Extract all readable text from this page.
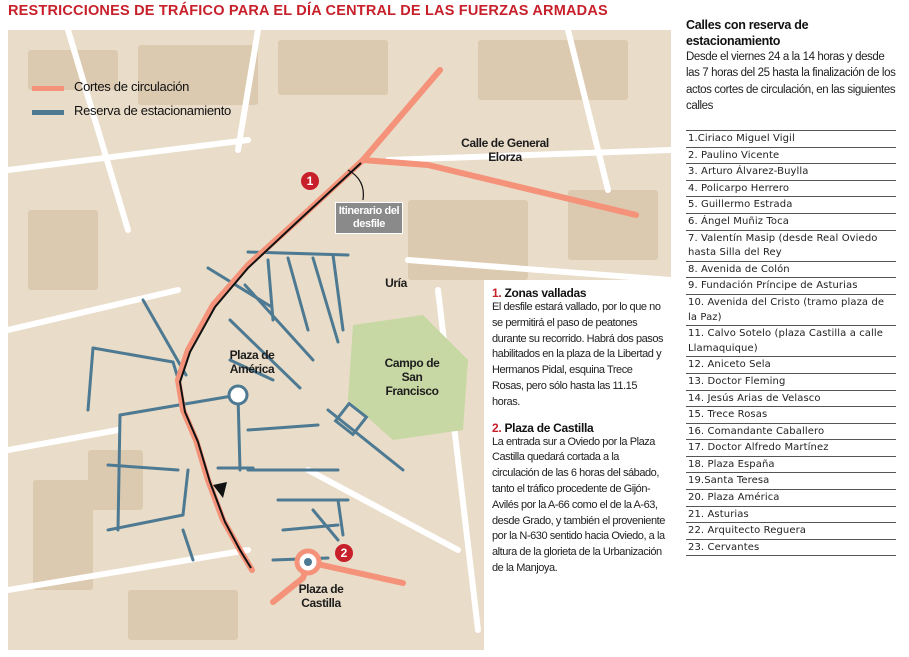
RESTRICCIONES DE TRÁFICO PARA EL DÍA CENTRAL DE LAS FUERZAS ARMADAS
Cortes de circulación
Reserva de estacionamiento
Calle de General Elorza
Uría
Plaza de América	Campo de San Francisco
Plaza de Castilla
Itinerario del desfile
1
2
1. Zonas valladas
El desfile estará vallado, por lo que no se permitirá el paso de peatones durante su recorrido. Habrá dos pasos habilitados en la plaza de la Libertad y Hermanos Pidal, esquina Trece Rosas, pero sólo hasta las 11.15 horas.
2. Plaza de Castilla
La entrada sur a Oviedo por la Plaza Castilla quedará cortada a la circulación de las 6 horas del sábado, tanto el tráfico procedente de Gijón-Avilés por la A-66 como el de la A-63, desde Grado, y también el proveniente por la N-630 sentido hacia Oviedo, a la altura de la glorieta de la Urbanización de la Manjoya.
Calles con reserva de estacionamiento
Desde el viernes 24 a la 14 horas y desde las 7 horas del 25 hasta la finalización de los actos cortes de circulación, en las siguientes calles
1.Ciriaco Miguel Vigil
2. Paulino Vicente
3. Arturo Álvarez-Buylla
4. Policarpo Herrero
5. Guillermo Estrada
6. Ángel Muñiz Toca
7. Valentín Masip (desde Real Oviedo hasta Silla del Rey
8. Avenida de Colón
9. Fundación Príncipe de Asturias
10. Avenida del Cristo (tramo plaza de la Paz)
11. Calvo Sotelo (plaza Castilla a calle Llamaquique)
12. Aniceto Sela
13. Doctor Fleming
14. Jesús Arias de Velasco
15. Trece Rosas
16. Comandante Caballero
17. Doctor Alfredo Martínez
18. Plaza España
19.Santa Teresa
20. Plaza América
21. Asturias
22. Arquitecto Reguera
23. Cervantes
